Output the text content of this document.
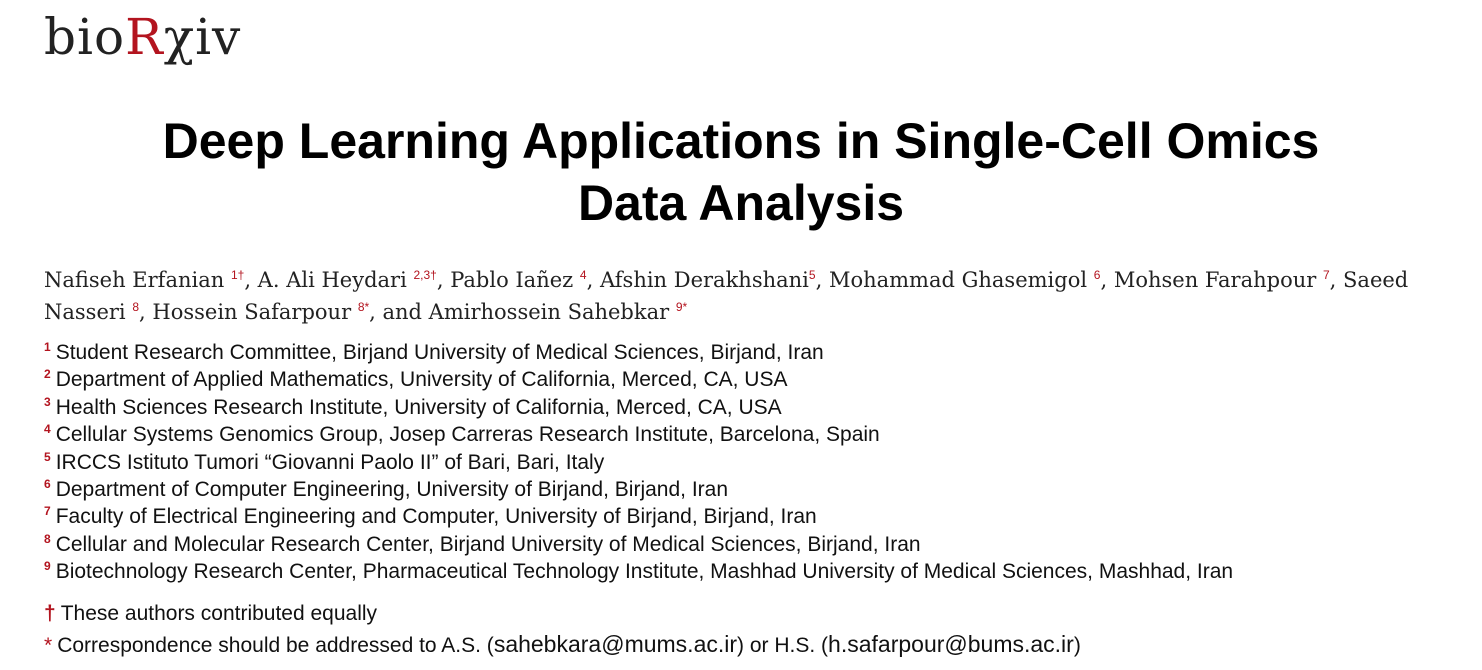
bioRχiv
Deep Learning Applications in Single-Cell Omics
Data Analysis
Nafiseh Erfanian $^{1\dagger}$, A. Ali Heydari $^{2,3\dagger}$, Pablo Iañez $^4$, Afshin Derakhshani$^5$, Mohammad Ghasemigol $^6$, Mohsen Farahpour $^7$, Saeed Nasseri $^8$, Hossein Safarpour $^{8*}$, and Amirhossein Sahebkar $^{9*}$
$^1$ Student Research Committee, Birjand University of Medical Sciences, Birjand, Iran
$^2$ Department of Applied Mathematics, University of California, Merced, CA, USA
$^3$ Health Sciences Research Institute, University of California, Merced, CA, USA
$^4$ Cellular Systems Genomics Group, Josep Carreras Research Institute, Barcelona, Spain
$^5$ IRCCS Istituto Tumori “Giovanni Paolo II” of Bari, Bari, Italy
$^6$ Department of Computer Engineering, University of Birjand, Birjand, Iran
$^7$ Faculty of Electrical Engineering and Computer, University of Birjand, Birjand, Iran
$^8$ Cellular and Molecular Research Center, Birjand University of Medical Sciences, Birjand, Iran
$^9$ Biotechnology Research Center, Pharmaceutical Technology Institute, Mashhad University of Medical Sciences, Mashhad, Iran
† These authors contributed equally
* Correspondence should be addressed to A.S. (sahebkara@mums.ac.ir) or H.S. (h.safarpour@bums.ac.ir)
